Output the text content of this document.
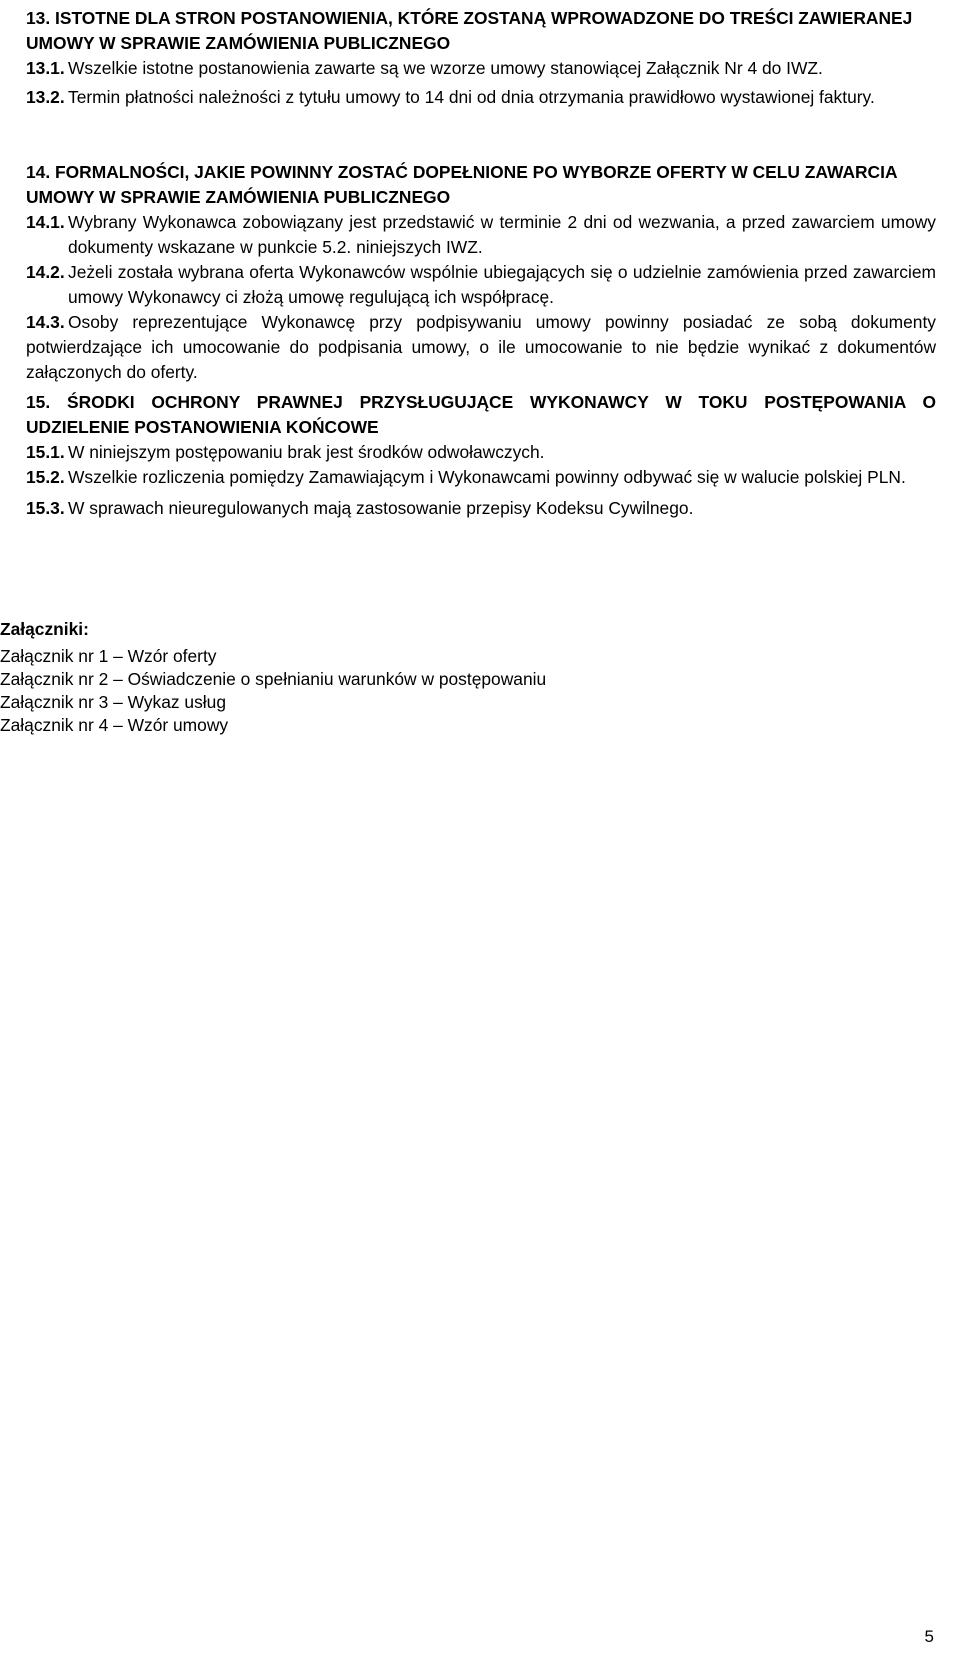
13. ISTOTNE DLA STRON POSTANOWIENIA, KTÓRE ZOSTANĄ WPROWADZONE DO TREŚCI ZAWIERANEJ UMOWY W SPRAWIE ZAMÓWIENIA PUBLICZNEGO
13.1. Wszelkie istotne postanowienia zawarte są we wzorze umowy stanowiącej Załącznik Nr 4 do IWZ.
13.2. Termin płatności należności z tytułu umowy to 14 dni od dnia otrzymania prawidłowo wystawionej faktury.
14. FORMALNOŚCI, JAKIE POWINNY ZOSTAĆ DOPEŁNIONE PO WYBORZE OFERTY W CELU ZAWARCIA UMOWY W SPRAWIE ZAMÓWIENIA PUBLICZNEGO
14.1. Wybrany Wykonawca zobowiązany jest przedstawić w terminie 2 dni od wezwania, a przed zawarciem umowy dokumenty wskazane w punkcie 5.2. niniejszych IWZ.
14.2. Jeżeli została wybrana oferta Wykonawców wspólnie ubiegających się o udzielnie zamówienia przed zawarciem umowy Wykonawcy ci złożą umowę regulującą ich współpracę.
14.3. Osoby reprezentujące Wykonawcę przy podpisywaniu umowy powinny posiadać ze sobą dokumenty potwierdzające ich umocowanie do podpisania umowy, o ile umocowanie to nie będzie wynikać z dokumentów załączonych do oferty.
15. ŚRODKI OCHRONY PRAWNEJ PRZYSŁUGUJĄCE WYKONAWCY W TOKU POSTĘPOWANIA O UDZIELENIE POSTANOWIENIA KOŃCOWE
15.1. W niniejszym postępowaniu brak jest środków odwoławczych.
15.2. Wszelkie rozliczenia pomiędzy Zamawiającym i Wykonawcami powinny odbywać się w walucie polskiej PLN.
15.3. W sprawach nieuregulowanych mają zastosowanie przepisy Kodeksu Cywilnego.
Załączniki:
Załącznik nr 1 – Wzór oferty
Załącznik nr 2 – Oświadczenie o spełnianiu warunków w postępowaniu
Załącznik nr 3 – Wykaz usług
Załącznik nr 4 – Wzór umowy
5
